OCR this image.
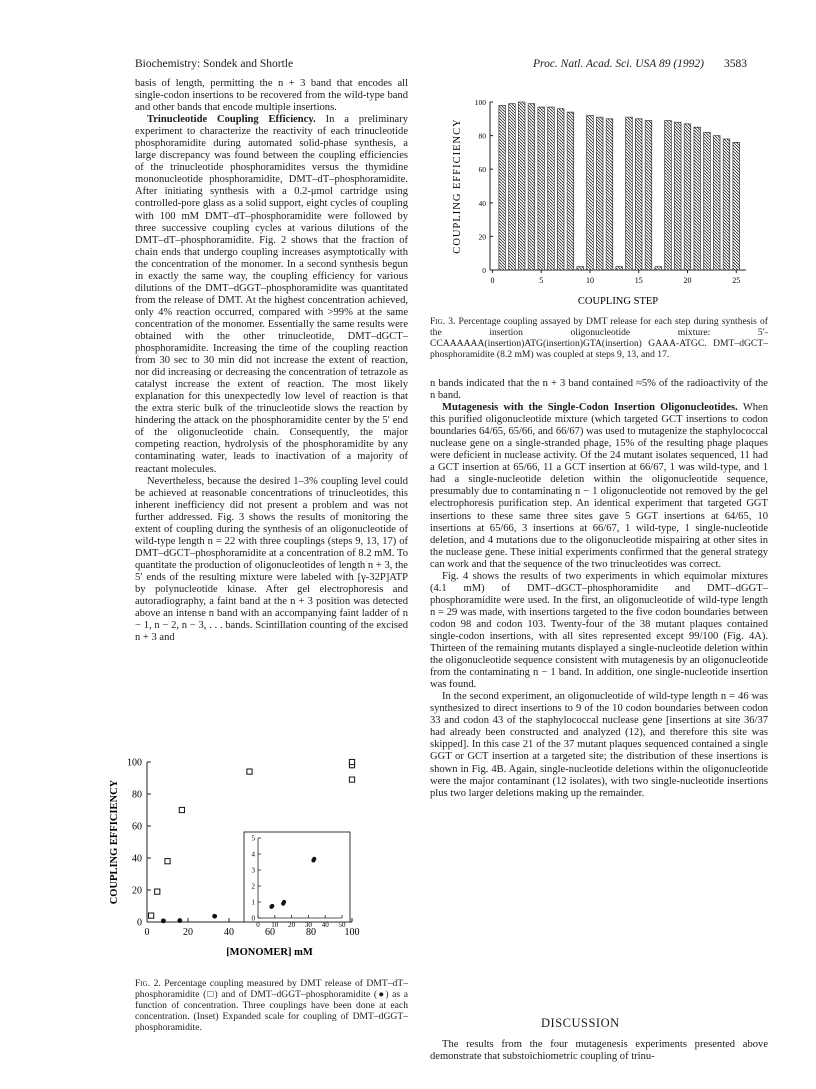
Biochemistry: Sondek and Shortle	Proc. Natl. Acad. Sci. USA 89 (1992) 3583

basis of length, permitting the n + 3 band that encodes all single-codon insertions to be recovered from the wild-type band and other bands that encode multiple insertions.

Trinucleotide Coupling Efficiency. In a preliminary experiment to characterize the reactivity of each trinucleotide phosphoramidite during automated solid-phase synthesis, a large discrepancy was found between the coupling efficiencies of the trinucleotide phosphoramidites versus the thymidine mononucleotide phosphoramidite, DMT–dT–phosphoramidite. After initiating synthesis with a 0.2-μmol cartridge using controlled-pore glass as a solid support, eight cycles of coupling with 100 mM DMT–dT–phosphoramidite were followed by three successive coupling cycles at various dilutions of the DMT–dT–phosphoramidite. Fig. 2 shows that the fraction of chain ends that undergo coupling increases asymptotically with the concentration of the monomer. In a second synthesis begun in exactly the same way, the coupling efficiency for various dilutions of the DMT–dGGT–phosphoramidite was quantitated from the release of DMT. At the highest concentration achieved, only 4% reaction occurred, compared with >99% at the same concentration of the monomer. Essentially the same results were obtained with the other trinucleotide, DMT–dGCT–phosphoramidite. Increasing the time of the coupling reaction from 30 sec to 30 min did not increase the extent of reaction, nor did increasing or decreasing the concentration of tetrazole as catalyst increase the extent of reaction. The most likely explanation for this unexpectedly low level of reaction is that the extra steric bulk of the trinucleotide slows the reaction by hindering the attack on the phosphoramidite center by the 5′ end of the oligonucleotide chain. Consequently, the major competing reaction, hydrolysis of the phosphoramidite by any contaminating water, leads to inactivation of a majority of reactant molecules.

Nevertheless, because the desired 1–3% coupling level could be achieved at reasonable concentrations of trinucleotides, this inherent inefficiency did not present a problem and was not further addressed. Fig. 3 shows the results of monitoring the extent of coupling during the synthesis of an oligonucleotide of wild-type length n = 22 with three couplings (steps 9, 13, 17) of DMT–dGCT–phosphoramidite at a concentration of 8.2 mM. To quantitate the production of oligonucleotides of length n + 3, the 5′ ends of the resulting mixture were labeled with [γ-32P]ATP by polynucleotide kinase. After gel electrophoresis and autoradiography, a faint band at the n + 3 position was detected above an intense n band with an accompanying faint ladder of n − 1, n − 2, n − 3, . . . bands. Scintillation counting of the excised n + 3 and

0	20	40	60	80	100
0
20
40
60
80
100
[MONOMER] mM
COUPLING EFFICIENCY
0 10 20 30 40 50
0
1
2
3
4
5
Fig. 2. Percentage coupling measured by DMT release of DMT–dT–phosphoramidite (□) and of DMT–dGGT–phosphoramidite (●) as a function of concentration. Three couplings have been done at each concentration. (Inset) Expanded scale for coupling of DMT–dGGT–phosphoramidite.
0
20
40
60
80
100
0	5	10	15	20	25
COUPLING STEP
COUPLING EFFICIENCY
Fig. 3. Percentage coupling assayed by DMT release for each step during synthesis of the insertion oligonucleotide mixture: 5′-CCAAAAAA(insertion)ATG(insertion)GTA(insertion) GAAA-ATGC. DMT–dGCT–phosphoramidite (8.2 mM) was coupled at steps 9, 13, and 17.

n bands indicated that the n + 3 band contained ≈5% of the radioactivity of the n band.

Mutagenesis with the Single-Codon Insertion Oligonucleotides. When this purified oligonucleotide mixture (which targeted GCT insertions to codon boundaries 64/65, 65/66, and 66/67) was used to mutagenize the staphylococcal nuclease gene on a single-stranded phage, 15% of the resulting phage plaques were deficient in nuclease activity. Of the 24 mutant isolates sequenced, 11 had a GCT insertion at 65/66, 11 a GCT insertion at 66/67, 1 was wild-type, and 1 had a single-nucleotide deletion within the oligonucleotide sequence, presumably due to contaminating n − 1 oligonucleotide not removed by the gel electrophoresis purification step. An identical experiment that targeted GGT insertions to these same three sites gave 5 GGT insertions at 64/65, 10 insertions at 65/66, 3 insertions at 66/67, 1 wild-type, 1 single-nucleotide deletion, and 4 mutations due to the oligonucleotide mispairing at other sites in the nuclease gene. These initial experiments confirmed that the general strategy can work and that the sequence of the two trinucleotides was correct.

Fig. 4 shows the results of two experiments in which equimolar mixtures (4.1 mM) of DMT–dGCT–phosphoramidite and DMT–dGGT–phosphoramidite were used. In the first, an oligonucleotide of wild-type length n = 29 was made, with insertions targeted to the five codon boundaries between codon 98 and codon 103. Twenty-four of the 38 mutant plaques contained single-codon insertions, with all sites represented except 99/100 (Fig. 4A). Thirteen of the remaining mutants displayed a single-nucleotide deletion within the oligonucleotide sequence consistent with mutagenesis by an oligonucleotide from the contaminating n − 1 band. In addition, one single-nucleotide insertion was found.

In the second experiment, an oligonucleotide of wild-type length n = 46 was synthesized to direct insertions to 9 of the 10 codon boundaries between codon 33 and codon 43 of the staphylococcal nuclease gene [insertions at site 36/37 had already been constructed and analyzed (12), and therefore this site was skipped]. In this case 21 of the 37 mutant plaques sequenced contained a single GGT or GCT insertion at a targeted site; the distribution of these insertions is shown in Fig. 4B. Again, single-nucleotide deletions within the oligonucleotide were the major contaminant (12 isolates), with two single-nucleotide insertions plus two larger deletions making up the remainder.

DISCUSSION

The results from the four mutagenesis experiments presented above demonstrate that substoichiometric coupling of trinu-
